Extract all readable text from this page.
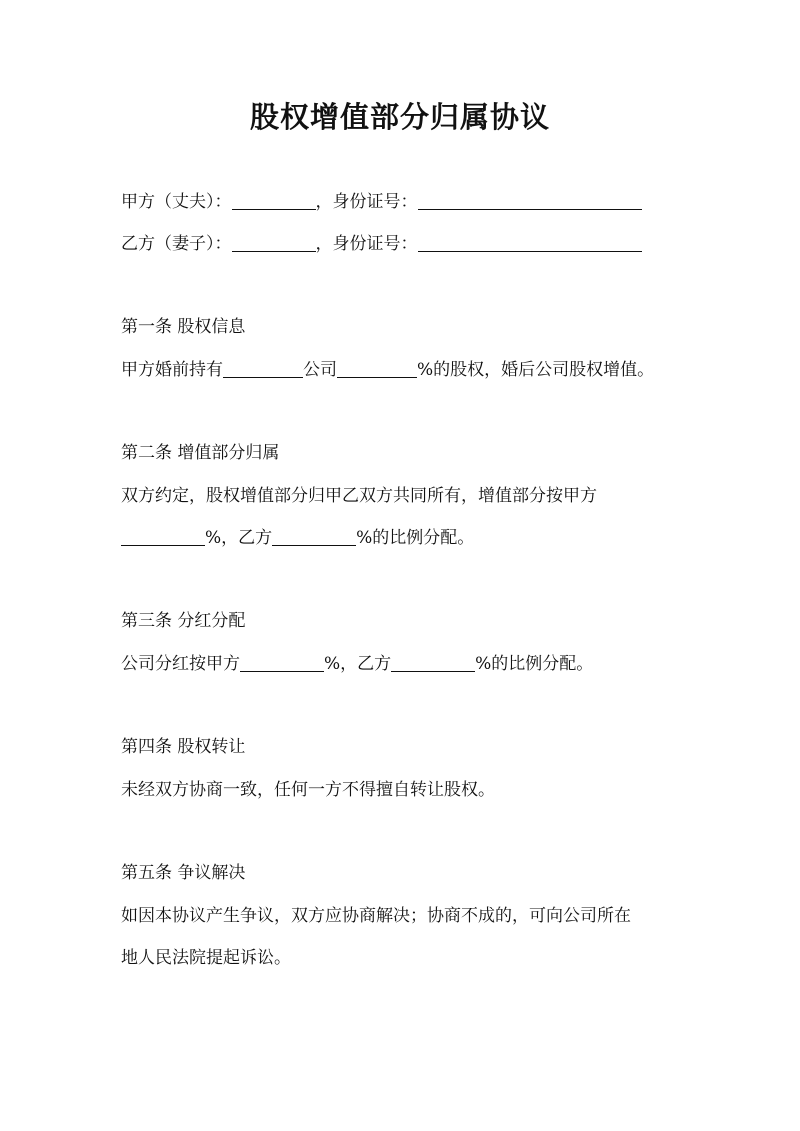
股权增值部分归属协议
甲方（丈夫）：	，身份证号：
乙方（妻子）：	，身份证号：
第一条 股权信息
甲方婚前持有	公司	%的股权，婚后公司股权增值。
第二条 增值部分归属
双方约定，股权增值部分归甲乙双方共同所有，增值部分按甲方
%，乙方	%的比例分配。
第三条 分红分配
公司分红按甲方	%，乙方	%的比例分配。
第四条 股权转让
未经双方协商一致，任何一方不得擅自转让股权。
第五条 争议解决
如因本协议产生争议，双方应协商解决；协商不成的，可向公司所在
地人民法院提起诉讼。
